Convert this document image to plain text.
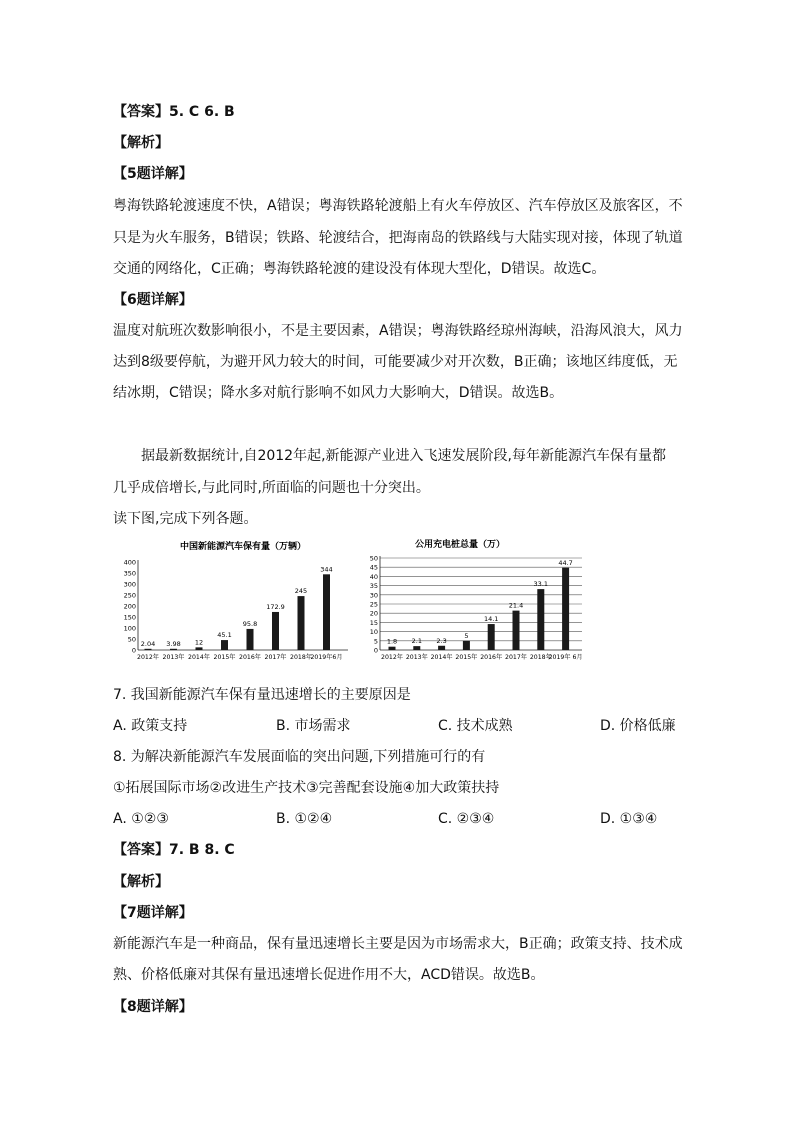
【答案】5. C 6. B
【解析】
【5题详解】
粤海铁路轮渡速度不快，A错误；粤海铁路轮渡船上有火车停放区、汽车停放区及旅客区，不
只是为火车服务，B错误；铁路、轮渡结合，把海南岛的铁路线与大陆实现对接，体现了轨道
交通的网络化，C正确；粤海铁路轮渡的建设没有体现大型化，D错误。故选C。
【6题详解】
温度对航班次数影响很小，不是主要因素，A错误；粤海铁路经琼州海峡，沿海风浪大，风力
达到8级要停航，为避开风力较大的时间，可能要减少对开次数，B正确；该地区纬度低，无
结冰期，C错误；降水多对航行影响不如风力大影响大，D错误。故选B。
据最新数据统计,自2012年起,新能源产业进入飞速发展阶段,每年新能源汽车保有量都
几乎成倍增长,与此同时,所面临的问题也十分突出。
读下图,完成下列各题。
中国新能源汽车保有量（万辆）
400
350
300
250
200
150
100
50
0
2.04
2012年
3.98
2013年
12
2014年
45.1
2015年
95.8
2016年
172.9
2017年
245
2018年
344
2019年6月
公用充电桩总量（万）
50
45
40
35
30
25
20
15
10
5
0
1.8
2012年
2.1
2013年
2.3
2014年
5
2015年
14.1
2016年
21.4
2017年
33.1
2018年
44.7
2019年 6月
7. 我国新能源汽车保有量迅速增长的主要原因是
A. 政策支持	B. 市场需求	C. 技术成熟	D. 价格低廉
8. 为解决新能源汽车发展面临的突出问题,下列措施可行的有
①拓展国际市场②改进生产技术③完善配套设施④加大政策扶持
A. ①②③	B. ①②④	C. ②③④	D. ①③④
【答案】7. B 8. C
【解析】
【7题详解】
新能源汽车是一种商品，保有量迅速增长主要是因为市场需求大，B正确；政策支持、技术成
熟、价格低廉对其保有量迅速增长促进作用不大，ACD错误。故选B。
【8题详解】
